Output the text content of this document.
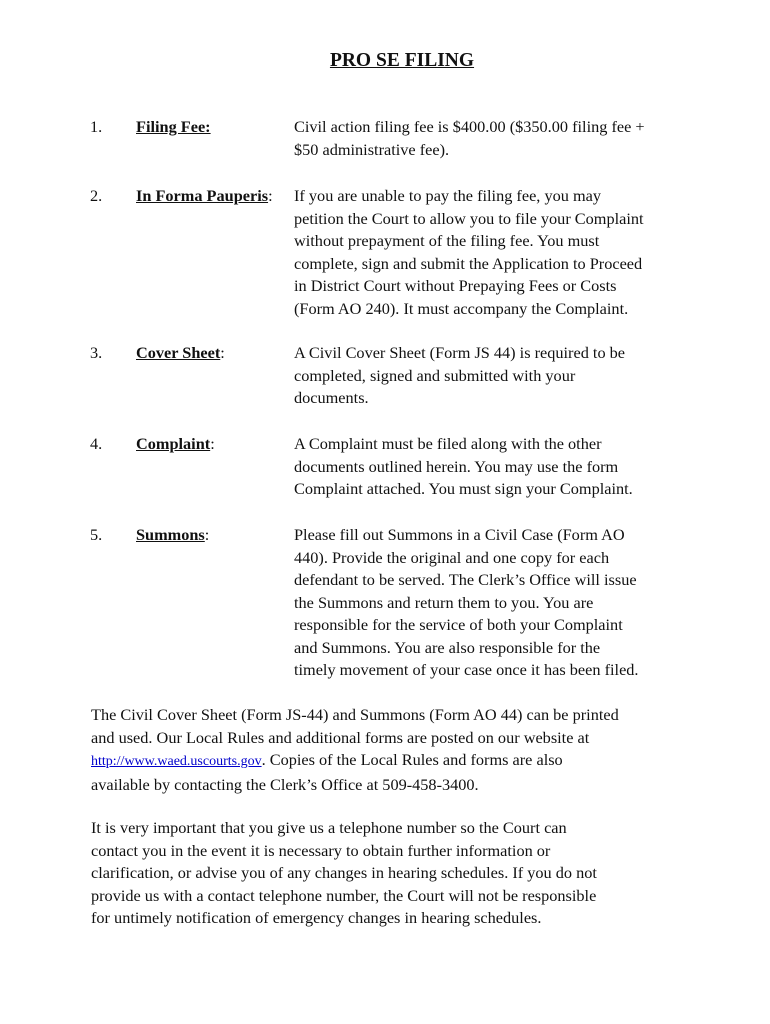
PRO SE FILING
1. Filing Fee:	Civil action filing fee is $400.00 ($350.00 filing fee +
$50 administrative fee).
2. In Forma Pauperis: If you are unable to pay the filing fee, you may
petition the Court to allow you to file your Complaint
without prepayment of the filing fee. You must
complete, sign and submit the Application to Proceed
in District Court without Prepaying Fees or Costs
(Form AO 240). It must accompany the Complaint.
3. Cover Sheet:	A Civil Cover Sheet (Form JS 44) is required to be
completed, signed and submitted with your
documents.
4. Complaint:	A Complaint must be filed along with the other
documents outlined herein. You may use the form
Complaint attached. You must sign your Complaint.
5. Summons:	Please fill out Summons in a Civil Case (Form AO
440). Provide the original and one copy for each
defendant to be served. The Clerk’s Office will issue
the Summons and return them to you. You are
responsible for the service of both your Complaint
and Summons. You are also responsible for the
timely movement of your case once it has been filed.
The Civil Cover Sheet (Form JS-44) and Summons (Form AO 44) can be printed
and used. Our Local Rules and additional forms are posted on our website at
http://www.waed.uscourts.gov. Copies of the Local Rules and forms are also
available by contacting the Clerk’s Office at 509-458-3400.
It is very important that you give us a telephone number so the Court can
contact you in the event it is necessary to obtain further information or
clarification, or advise you of any changes in hearing schedules. If you do not
provide us with a contact telephone number, the Court will not be responsible
for untimely notification of emergency changes in hearing schedules.
